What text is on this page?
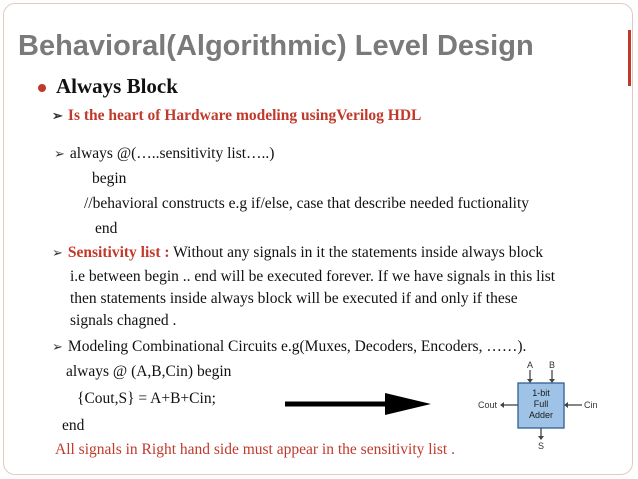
Behavioral(Algorithmic) Level Design
Always Block
➢ Is the heart of Hardware modeling usingVerilog HDL
➢ always @(…..sensitivity list…..)
begin
//behavioral constructs e.g if/else, case that describe needed fuctionality
end
➢ Sensitivity list : Without any signals in it the statements inside always block
i.e between begin .. end will be executed forever. If we have signals in this list
then statements inside always block will be executed if and only if these
signals chagned .
➢ Modeling Combinational Circuits e.g(Muxes, Decoders, Encoders, ……).
always @ (A,B,Cin) begin
{Cout,S} = A+B+Cin;
end
All signals in Right hand side must appear in the sensitivity list .
1-bit
Full
Adder
A B
Cin
Cout
S
